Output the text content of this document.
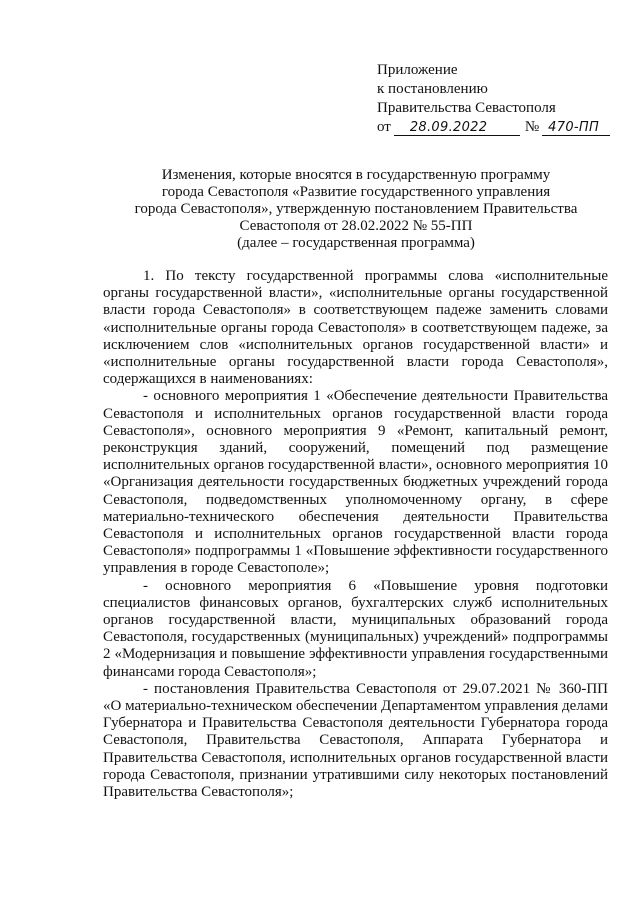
Приложение
к постановлению
Правительства Севастополя
от 28.09.2022	№ 470-ПП
Изменения, которые вносятся в государственную программу
города Севастополя «Развитие государственного управления
города Севастополя», утвержденную постановлением Правительства
Севастополя от 28.02.2022 № 55-ПП
(далее – государственная программа)

1. По тексту государственной программы слова «исполнительные органы государственной власти», «исполнительные органы государственной власти города Севастополя» в соответствующем падеже заменить словами «исполнительные органы города Севастополя» в соответствующем падеже, за исключением слов «исполнительных органов государственной власти» и «исполнительные органы государственной власти города Севастополя», содержащихся в наименованиях:

- основного мероприятия 1 «Обеспечение деятельности Правительства Севастополя и исполнительных органов государственной власти города Севастополя», основного мероприятия 9 «Ремонт, капитальный ремонт, реконструкция зданий, сооружений, помещений под размещение исполнительных органов государственной власти», основного мероприятия 10 «Организация деятельности государственных бюджетных учреждений города Севастополя, подведомственных уполномоченному органу, в сфере материально-технического обеспечения деятельности Правительства Севастополя и исполнительных органов государственной власти города Севастополя» подпрограммы 1 «Повышение эффективности государственного управления в городе Севастополе»;

- основного мероприятия 6 «Повышение уровня подготовки специалистов финансовых органов, бухгалтерских служб исполнительных органов государственной власти, муниципальных образований города Севастополя, государственных (муниципальных) учреждений» подпрограммы 2 «Модернизация и повышение эффективности управления государственными финансами города Севастополя»;

- постановления Правительства Севастополя от 29.07.2021 № 360-ПП «О материально-техническом обеспечении Департаментом управления делами Губернатора и Правительства Севастополя деятельности Губернатора города Севастополя, Правительства Севастополя, Аппарата Губернатора и Правительства Севастополя, исполнительных органов государственной власти города Севастополя, признании утратившими силу некоторых постановлений Правительства Севастополя»;
